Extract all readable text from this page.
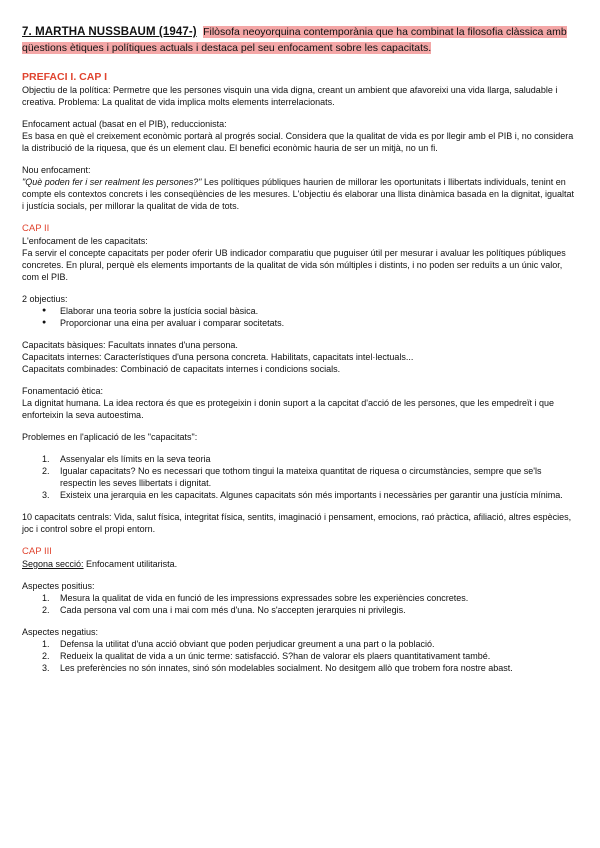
7. MARTHA NUSSBAUM (1947-) Filòsofa neoyorquina contemporània que ha combinat la filosofia clàssica amb qüestions ètiques i polítiques actuals i destaca pel seu enfocament sobre les capacitats.
PREFACI I. CAP I

Objectiu de la política: Permetre que les persones visquin una vida digna, creant un ambient que afavoreixi una vida llarga, saludable i creativa. Problema: La qualitat de vida implica molts elements interrelacionats.

Enfocament actual (basat en el PIB), reduccionista:

Es basa en què el creixement econòmic portarà al progrés social. Considera que la qualitat de vida es por llegir amb el PIB i, no considera la distribució de la riquesa, que és un element clau. El benefici econòmic hauria de ser un mitjà, no un fi.

Nou enfocament:

"Què poden fer i ser realment les persones?" Les polítiques públiques haurien de millorar les oportunitats i llibertats individuals, tenint en compte els contextos concrets i les conseqüències de les mesures. L'objectiu és elaborar una llista dinàmica basada en la dignitat, igualtat i justícia socials, per millorar la qualitat de vida de tots.

CAP II

L'enfocament de les capacitats:

Fa servir el concepte capacitats per poder oferir UB indicador comparatiu que puguiser útil per mesurar i avaluar les polítiques públiques concretes. En plural, perquè els elements importants de la qualitat de vida són múltiples i distints, i no poden ser reduïts a un únic valor, com el PIB.

2 objectius:

● Elaborar una teoria sobre la justícia social bàsica.
● Proporcionar una eina per avaluar i comparar socitetats.

Capacitats bàsiques: Facultats innates d'una persona.

Capacitats internes: Característiques d'una persona concreta. Habilitats, capacitats intel·lectuals...

Capacitats combinades: Combinació de capacitats internes i condicions socials.

Fonamentació ètica:

La dignitat humana. La idea rectora és que es protegeixin i donin suport a la capcitat d'acció de les persones, que les empedreït i que enforteixin la seva autoestima.

Problemes en l'aplicació de les "capacitats":

1. Assenyalar els límits en la seva teoria
2. Igualar capacitats? No es necessari que tothom tingui la mateixa quantitat de riquesa o circumstàncies, sempre que se'ls respectin les seves llibertats i dignitat.
3. Existeix una jerarquia en les capacitats. Algunes capacitats són més importants i necessàries per garantir una justícia mínima.

10 capacitats centrals: Vida, salut física, integritat física, sentits, imaginació i pensament, emocions, raó pràctica, afiliació, altres espècies, joc i control sobre el propi entorn.

CAP III

Segona secció: Enfocament utilitarista.

Aspectes positius:

1. Mesura la qualitat de vida en funció de les impressions expressades sobre les experiències concretes.
2. Cada persona val com una i mai com més d'una. No s'accepten jerarquies ni privilegis.

Aspectes negatius:

1. Defensa la utilitat d'una acció obviant que poden perjudicar greument a una part o la població.
2. Redueix la qualitat de vida a un únic terme: satisfacció. S?han de valorar els plaers quantitativament també.
3. Les preferències no són innates, sinó són modelables socialment. No desitgem allò que trobem fora nostre abast.
